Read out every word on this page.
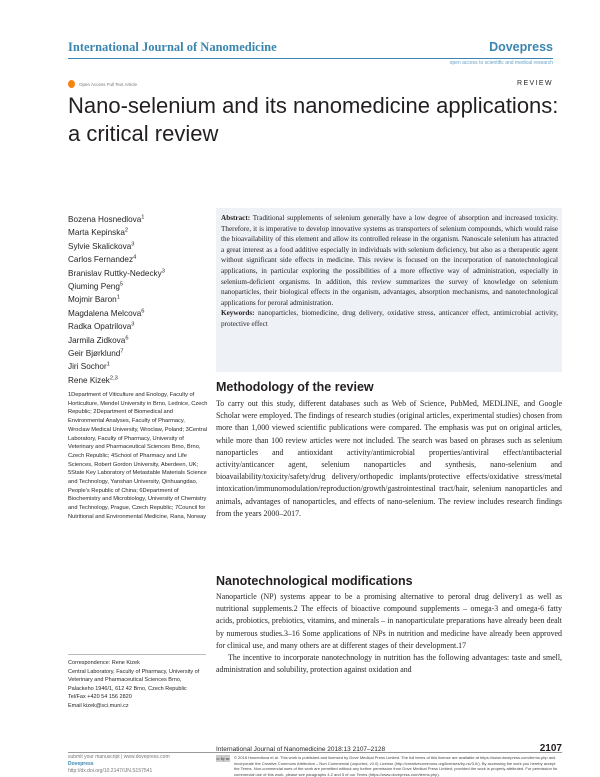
International Journal of Nanomedicine	Dovepress
open access to scientific and medical research
Open Access Full Text Article	REVIEW
Nano-selenium and its nanomedicine applications:
a critical review
Bozena Hosnedlova$^1$
Marta Kepinska$^2$
Sylvie Skalickova$^3$
Carlos Fernandez$^4$
Branislav Ruttky-Nedecky$^3$
Qiuming Peng$^5$
Mojmir Baron$^1$
Magdalena Melcova$^6$
Radka Opatrilova$^3$
Jarmila Zidkova$^6$
Geir Bjørklund$^7$
Jiri Sochor$^1$
Rene Kizek$^{2,3}$
1Department of Viticulture and Enology, Faculty of Horticulture, Mendel University in Brno, Lednice, Czech Republic; 2Department of Biomedical and Environmental Analyses, Faculty of Pharmacy, Wroclaw Medical University, Wroclaw, Poland; 3Central Laboratory, Faculty of Pharmacy, University of Veterinary and Pharmaceutical Sciences Brno, Brno, Czech Republic; 4School of Pharmacy and Life Sciences, Robert Gordon University, Aberdeen, UK; 5State Key Laboratory of Metastable Materials Science and Technology, Yanshan University, Qinhuangdao, People’s Republic of China; 6Department of Biochemistry and Microbiology, University of Chemistry and Technology, Prague, Czech Republic; 7Council for Nutritional and Environmental Medicine, Rana, Norway
Correspondence: Rene Kizek
Central Laboratory, Faculty of Pharmacy, University of Veterinary and Pharmaceutical Sciences Brno, Palackeho 1946/1, 612 42 Brno, Czech Republic
Tel/Fax +420 54 156 2820
Email kizek@sci.muni.cz
Abstract: Traditional supplements of selenium generally have a low degree of absorption and increased toxicity. Therefore, it is imperative to develop innovative systems as transporters of selenium compounds, which would raise the bioavailability of this element and allow its controlled release in the organism. Nanoscale selenium has attracted a great interest as a food additive especially in individuals with selenium deficiency, but also as a therapeutic agent without significant side effects in medicine. This review is focused on the incorporation of nanotechnological applications, in particular exploring the possibilities of a more effective way of administration, especially in selenium-deficient organisms. In addition, this review summarizes the survey of knowledge on selenium nanoparticles, their biological effects in the organism, advantages, absorption mechanisms, and nanotechnological applications for peroral administration.
Keywords: nanoparticles, biomedicine, drug delivery, oxidative stress, anticancer effect, antimicrobial activity, protective effect
Methodology of the review

To carry out this study, different databases such as Web of Science, PubMed, MEDLINE, and Google Scholar were employed. The findings of research studies (original articles, experimental studies) chosen from more than 1,000 viewed scientific publications were compared. The emphasis was put on original articles, while more than 100 review articles were not included. The search was based on phrases such as selenium nanoparticles and antioxidant activity/antimicrobial properties/antiviral effect/antibacterial activity/anticancer agent, selenium nanoparticles and synthesis, nano-selenium and bioavailability/toxicity/safety/drug delivery/orthopedic implants/protective effects/oxidative stress/metal intoxication/immunomodulation/reproduction/growth/gastrointestinal tract/hair, selenium nanoparticles and animals, advantages of nanoparticles, and effects of nano-selenium. The review includes research findings from the years 2000–2017.

Nanotechnological modifications

Nanoparticle (NP) systems appear to be a promising alternative to peroral drug delivery1 as well as nutritional supplements.2 The effects of bioactive compound supplements – omega-3 and omega-6 fatty acids, probiotics, prebiotics, vitamins, and minerals – in nanoparticulate preparations have already been dealt by numerous studies.3–16 Some applications of NPs in nutrition and medicine have already been approved for clinical use, and many others are at different stages of their development.17

The incentive to incorporate nanotechnology in nutrition has the following advantages: taste and smell, administration and solubility, protection against oxidation and

International Journal of Nanomedicine 2018:13 2107–2128	2107
submit your manuscript | www.dovepress.com
Dovepress
http://dx.doi.org/10.2147/IJN.S157541
cc by nc © 2018 Hosnedlova et al. This work is published and licensed by Dove Medical Press Limited. The full terms of this license are available at https://www.dovepress.com/terms.php and incorporate the Creative Commons Attribution – Non Commercial (unported, v3.0) License (http://creativecommons.org/licenses/by-nc/3.0/). By accessing the work you hereby accept the Terms. Non-commercial uses of the work are permitted without any further permission from Dove Medical Press Limited, provided the work is properly attributed. For permission for commercial use of this work, please see paragraphs 4.2 and 5 of our Terms (https://www.dovepress.com/terms.php).
